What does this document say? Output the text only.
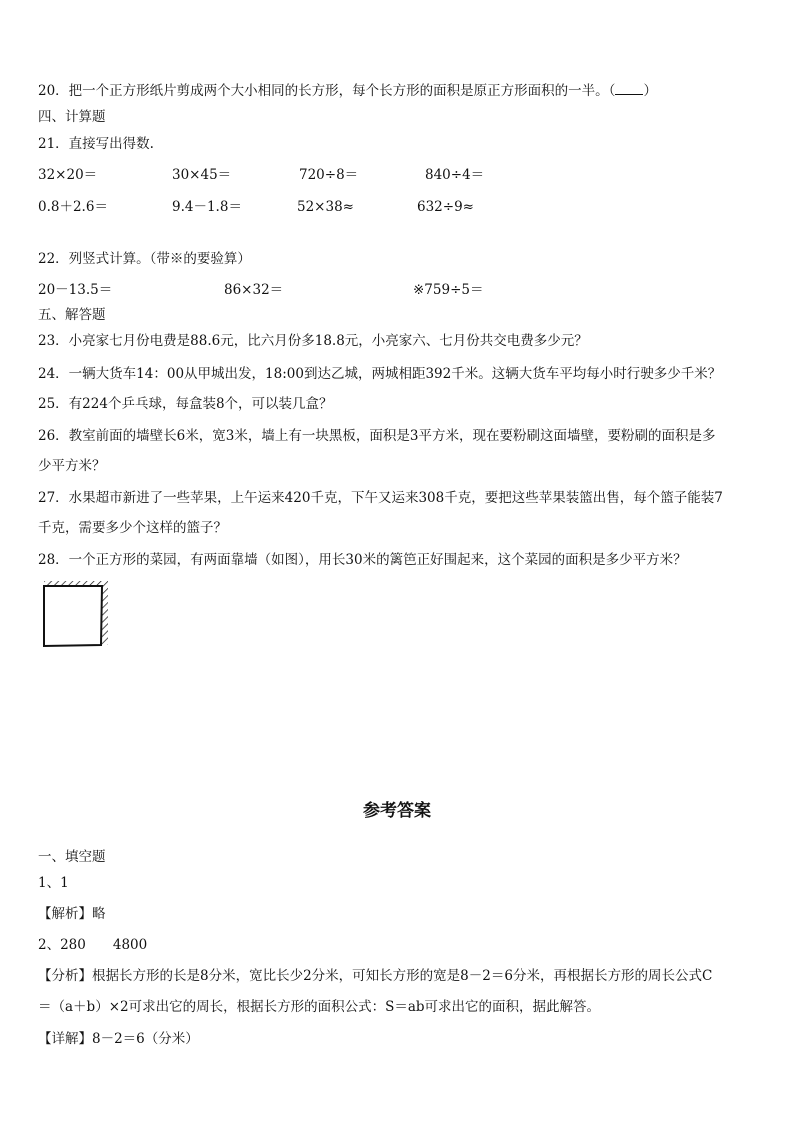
20．把一个正方形纸片剪成两个大小相同的长方形，每个长方形的面积是原正方形面积的一半。（ ）
四、计算题
21．直接写出得数.
32×20＝	30×45＝	720÷8＝	840÷4＝
0.8＋2.6＝	9.4－1.8＝	52×38≈	632÷9≈
22．列竖式计算。（带※的要验算）
20－13.5＝	86×32＝	※759÷5＝
五、解答题
23．小亮家七月份电费是88.6元，比六月份多18.8元，小亮家六、七月份共交电费多少元？
24．一辆大货车14：00从甲城出发，18:00到达乙城，两城相距392千米。这辆大货车平均每小时行驶多少千米？
25．有224个乒乓球，每盒装8个，可以装几盒？
26．教室前面的墙壁长6米，宽3米，墙上有一块黑板，面积是3平方米，现在要粉刷这面墙壁，要粉刷的面积是多
少平方米？
27．水果超市新进了一些苹果，上午运来420千克，下午又运来308千克，要把这些苹果装篮出售，每个篮子能装7
千克，需要多少个这样的篮子？
28．一个正方形的菜园，有两面靠墙（如图），用长30米的篱笆正好围起来，这个菜园的面积是多少平方米？
参考答案
一、填空题
1、1
【解析】略
2、280　　4800
【分析】根据长方形的长是8分米，宽比长少2分米，可知长方形的宽是8－2＝6分米，再根据长方形的周长公式C
＝（a＋b）×2可求出它的周长，根据长方形的面积公式：S＝ab可求出它的面积，据此解答。
【详解】8－2＝6（分米）
